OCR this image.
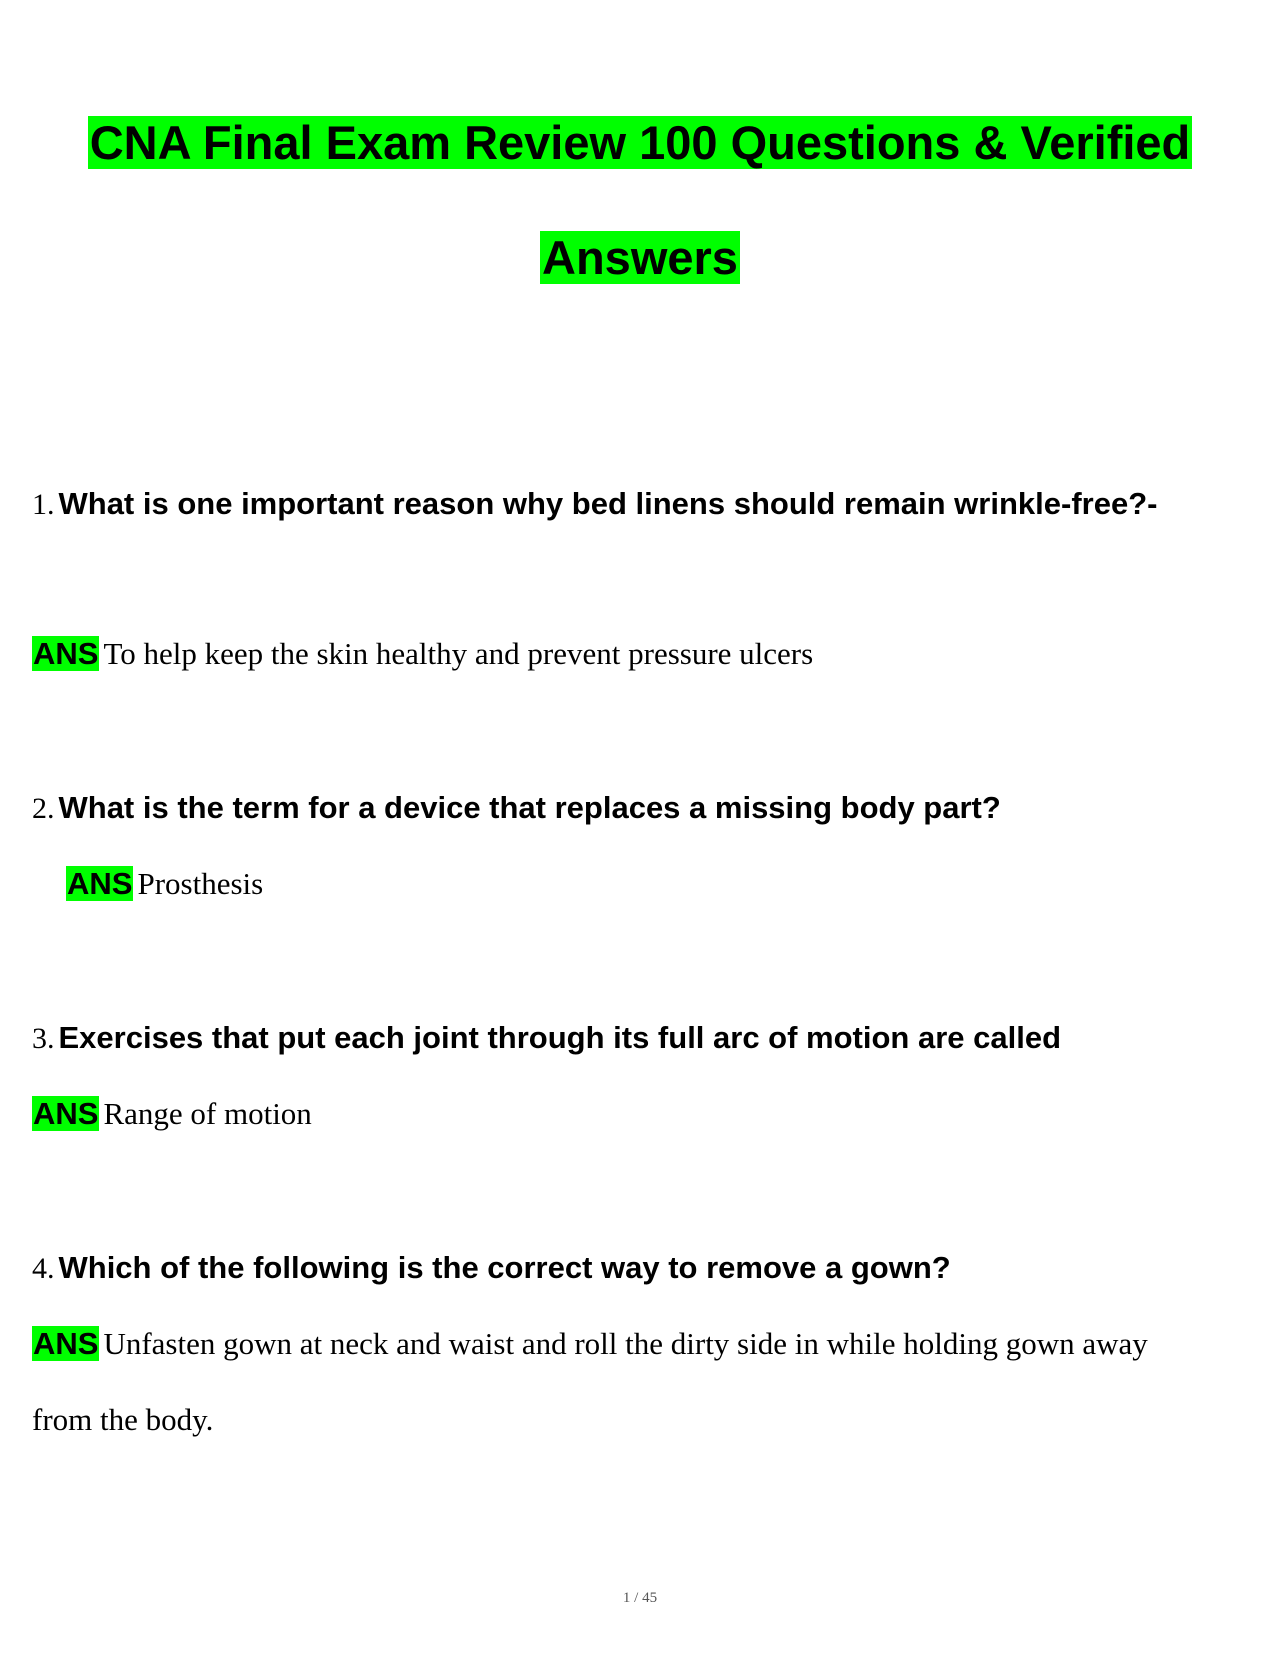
CNA Final Exam Review 100 Questions & Verified
Answers
1. What is one important reason why bed linens should remain wrinkle-free?-
ANS To help keep the skin healthy and prevent pressure ulcers
2. What is the term for a device that replaces a missing body part?
ANS Prosthesis
3. Exercises that put each joint through its full arc of motion are called
ANS Range of motion
4. Which of the following is the correct way to remove a gown?
ANS Unfasten gown at neck and waist and roll the dirty side in while holding gown away
from the body.
1 / 45
